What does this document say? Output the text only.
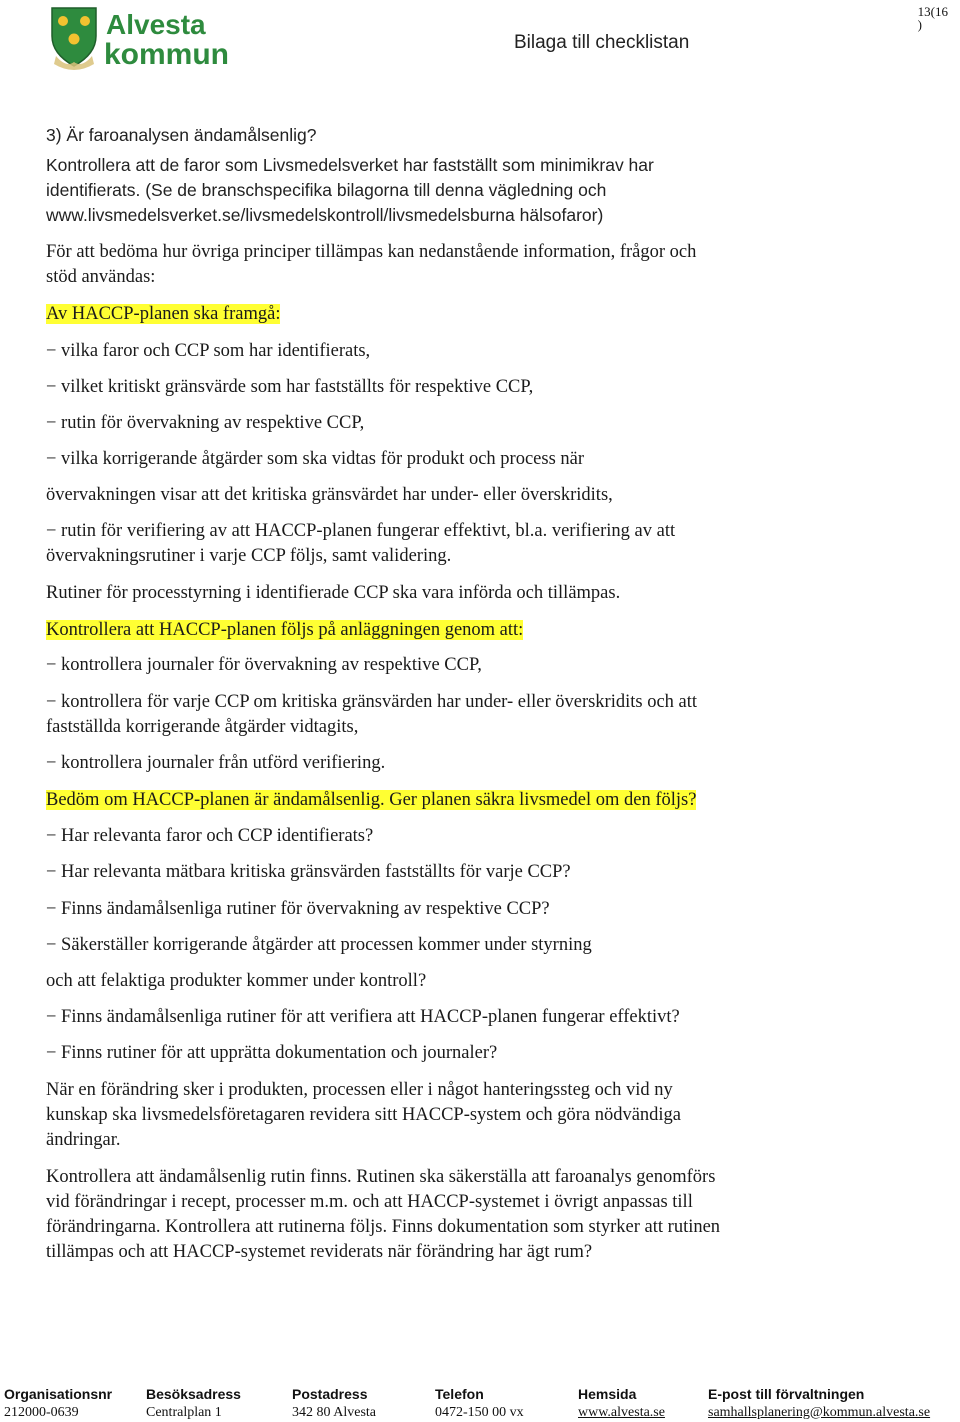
Alvesta
kommun	Bilaga till checklistan
13(16
)
3) Är faroanalysen ändamålsenlig?
Kontrollera att de faror som Livsmedelsverket har fastställt som minimikrav har
identifierats. (Se de branschspecifika bilagorna till denna vägledning och
www.livsmedelsverket.se/livsmedelskontroll/livsmedelsburna hälsofaror)
För att bedöma hur övriga principer tillämpas kan nedanstående information, frågor och
stöd användas:
Av HACCP-planen ska framgå:
− vilka faror och CCP som har identifierats,
− vilket kritiskt gränsvärde som har fastställts för respektive CCP,
− rutin för övervakning av respektive CCP,
− vilka korrigerande åtgärder som ska vidtas för produkt och process när
övervakningen visar att det kritiska gränsvärdet har under- eller överskridits,
− rutin för verifiering av att HACCP-planen fungerar effektivt, bl.a. verifiering av att
övervakningsrutiner i varje CCP följs, samt validering.
Rutiner för processtyrning i identifierade CCP ska vara införda och tillämpas.
Kontrollera att HACCP-planen följs på anläggningen genom att:
− kontrollera journaler för övervakning av respektive CCP,
− kontrollera för varje CCP om kritiska gränsvärden har under- eller överskridits och att
fastställda korrigerande åtgärder vidtagits,
− kontrollera journaler från utförd verifiering.
Bedöm om HACCP-planen är ändamålsenlig. Ger planen säkra livsmedel om den följs?
− Har relevanta faror och CCP identifierats?
− Har relevanta mätbara kritiska gränsvärden fastställts för varje CCP?
− Finns ändamålsenliga rutiner för övervakning av respektive CCP?
− Säkerställer korrigerande åtgärder att processen kommer under styrning
och att felaktiga produkter kommer under kontroll?
− Finns ändamålsenliga rutiner för att verifiera att HACCP-planen fungerar effektivt?
− Finns rutiner för att upprätta dokumentation och journaler?
När en förändring sker i produkten, processen eller i något hanteringssteg och vid ny
kunskap ska livsmedelsföretagaren revidera sitt HACCP-system och göra nödvändiga
ändringar.
Kontrollera att ändamålsenlig rutin finns. Rutinen ska säkerställa att faroanalys genomförs
vid förändringar i recept, processer m.m. och att HACCP-systemet i övrigt anpassas till
förändringarna. Kontrollera att rutinerna följs. Finns dokumentation som styrker att rutinen
tillämpas och att HACCP-systemet reviderats när förändring har ägt rum?
Organisationsnr
212000-0639
Besöksadress
Centralplan 1
Postadress
342 80 Alvesta
Telefon
0472-150 00 vx
Hemsida
www.alvesta.se
E-post till förvaltningen
samhallsplanering@kommun.alvesta.se
